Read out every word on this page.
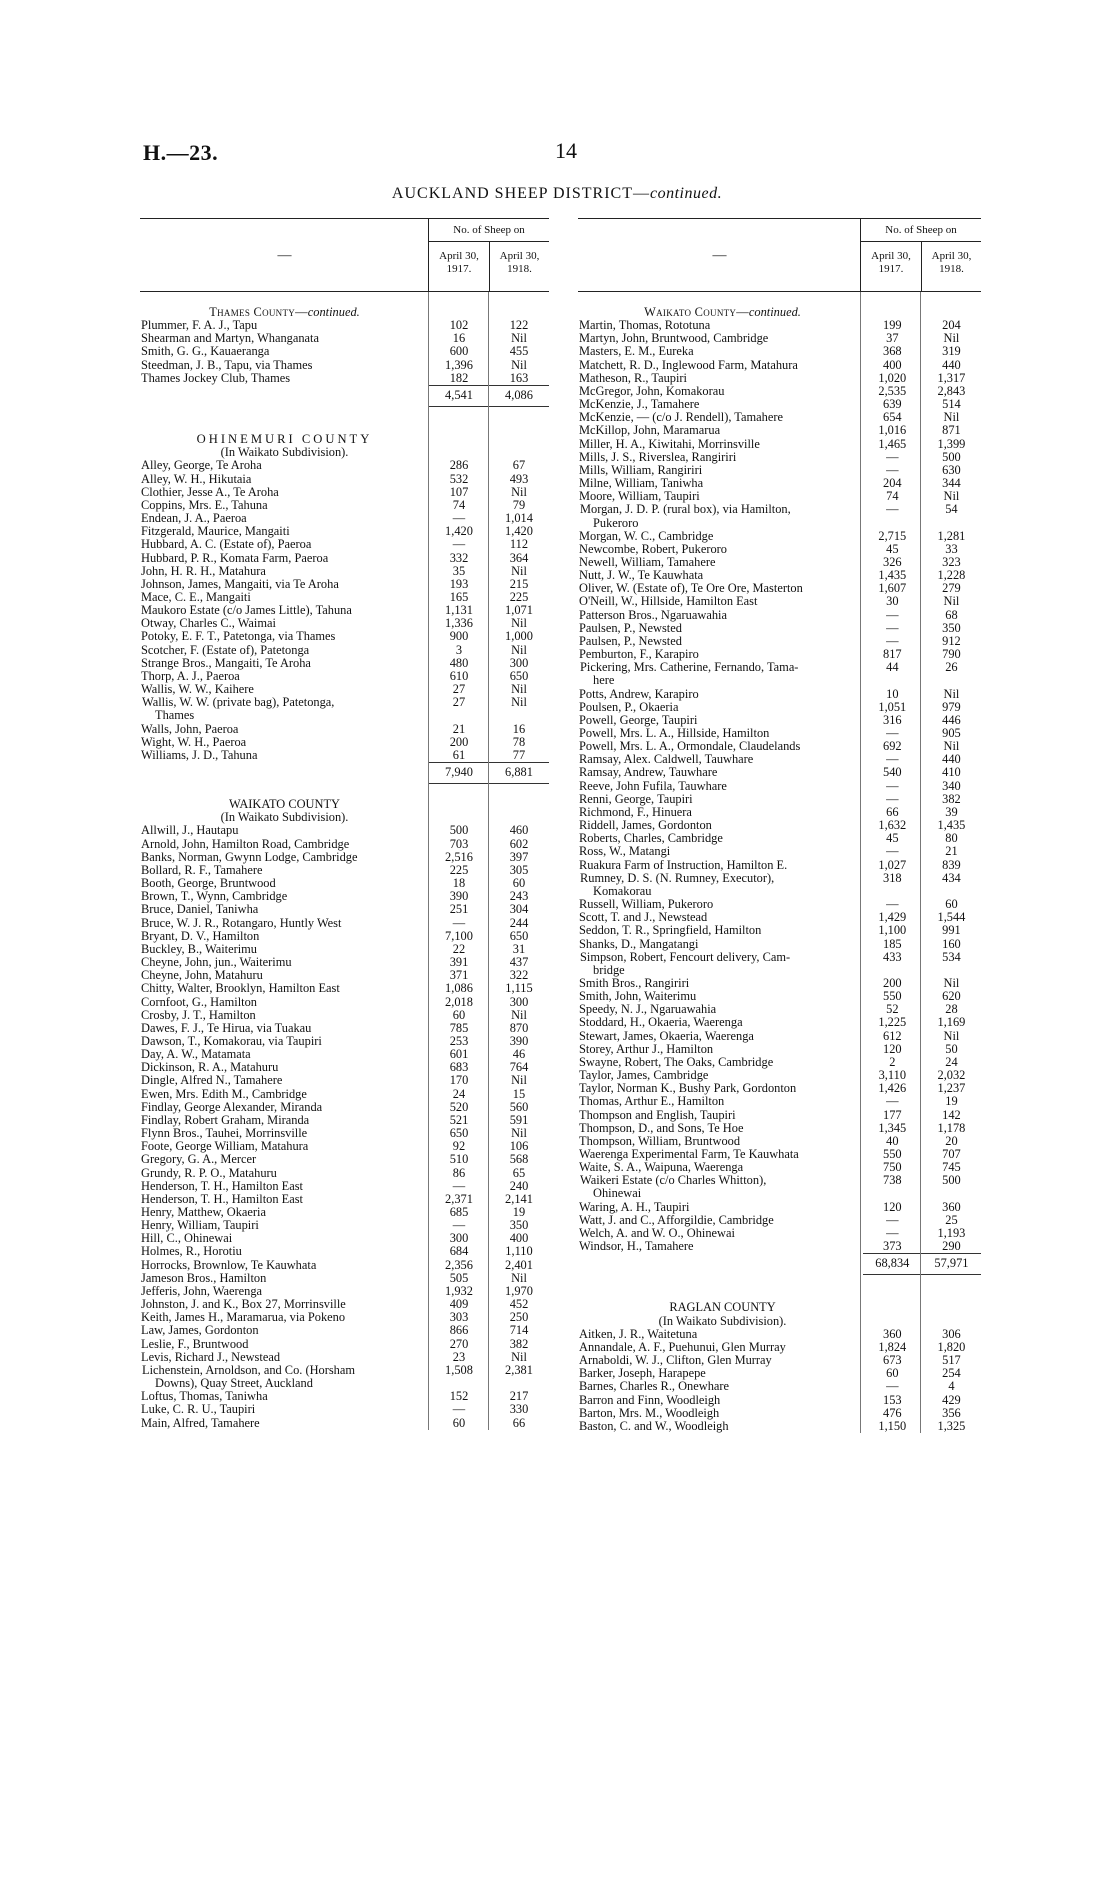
H.—23.	14
AUCKLAND SHEEP DISTRICT—continued.
—
No. of Sheep on
April 30,
1917.
April 30,
1918.
Thames County—continued.
Plummer, F. A. J., Tapu	102	122
Shearman and Martyn, Whanganata	16	Nil
Smith, G. G., Kauaeranga	600	455
Steedman, J. B., Tapu, via Thames	1,396	Nil
Thames Jockey Club, Thames	182	163
4,541	4,086
OHINEMURI COUNTY
(In Waikato Subdivision).
Alley, George, Te Aroha	286	67
Alley, W. H., Hikutaia	532	493
Clothier, Jesse A., Te Aroha	107	Nil
Coppins, Mrs. E., Tahuna	74	79
Endean, J. A., Paeroa	—	1,014
Fitzgerald, Maurice, Mangaiti	1,420	1,420
Hubbard, A. C. (Estate of), Paeroa	—	112
Hubbard, P. R., Komata Farm, Paeroa	332	364
John, H. R. H., Matahura	35	Nil
Johnson, James, Mangaiti, via Te Aroha	193	215
Mace, C. E., Mangaiti	165	225
Maukoro Estate (c/o James Little), Tahuna	1,131	1,071
Otway, Charles C., Waimai	1,336	Nil
Potoky, E. F. T., Patetonga, via Thames	900	1,000
Scotcher, F. (Estate of), Patetonga	3	Nil
Strange Bros., Mangaiti, Te Aroha	480	300
Thorp, A. J., Paeroa	610	650
Wallis, W. W., Kaihere	27	Nil
Wallis, W. W. (private bag), Patetonga,
Thames
27	Nil
Walls, John, Paeroa	21	16
Wight, W. H., Paeroa	200	78
Williams, J. D., Tahuna	61	77
7,940	6,881
WAIKATO COUNTY
(In Waikato Subdivision).
Allwill, J., Hautapu	500	460
Arnold, John, Hamilton Road, Cambridge	703	602
Banks, Norman, Gwynn Lodge, Cambridge	2,516	397
Bollard, R. F., Tamahere	225	305
Booth, George, Bruntwood	18	60
Brown, T., Wynn, Cambridge	390	243
Bruce, Daniel, Taniwha	251	304
Bruce, W. J. R., Rotangaro, Huntly West	—	244
Bryant, D. V., Hamilton	7,100	650
Buckley, B., Waiterimu	22	31
Cheyne, John, jun., Waiterimu	391	437
Cheyne, John, Matahuru	371	322
Chitty, Walter, Brooklyn, Hamilton East	1,086	1,115
Cornfoot, G., Hamilton	2,018	300
Crosby, J. T., Hamilton	60	Nil
Dawes, F. J., Te Hirua, via Tuakau	785	870
Dawson, T., Komakorau, via Taupiri	253	390
Day, A. W., Matamata	601	46
Dickinson, R. A., Matahuru	683	764
Dingle, Alfred N., Tamahere	170	Nil
Ewen, Mrs. Edith M., Cambridge	24	15
Findlay, George Alexander, Miranda	520	560
Findlay, Robert Graham, Miranda	521	591
Flynn Bros., Tauhei, Morrinsville	650	Nil
Foote, George William, Matahura	92	106
Gregory, G. A., Mercer	510	568
Grundy, R. P. O., Matahuru	86	65
Henderson, T. H., Hamilton East	—	240
Henderson, T. H., Hamilton East	2,371	2,141
Henry, Matthew, Okaeria	685	19
Henry, William, Taupiri	—	350
Hill, C., Ohinewai	300	400
Holmes, R., Horotiu	684	1,110
Horrocks, Brownlow, Te Kauwhata	2,356	2,401
Jameson Bros., Hamilton	505	Nil
Jefferis, John, Waerenga	1,932	1,970
Johnston, J. and K., Box 27, Morrinsville	409	452
Keith, James H., Maramarua, via Pokeno	303	250
Law, James, Gordonton	866	714
Leslie, F., Bruntwood	270	382
Levis, Richard J., Newstead	23	Nil
Lichenstein, Arnoldson, and Co. (Horsham
Downs), Quay Street, Auckland
1,508	2,381
Loftus, Thomas, Taniwha	152	217
Luke, C. R. U., Taupiri	—	330
Main, Alfred, Tamahere	60	66
—
No. of Sheep on
April 30,
1917.
April 30,
1918.
Waikato County—continued.
Martin, Thomas, Rototuna	199	204
Martyn, John, Bruntwood, Cambridge	37	Nil
Masters, E. M., Eureka	368	319
Matchett, R. D., Inglewood Farm, Matahura	400	440
Matheson, R., Taupiri	1,020	1,317
McGregor, John, Komakorau	2,535	2,843
McKenzie, J., Tamahere	639	514
McKenzie, — (c/o J. Rendell), Tamahere	654	Nil
McKillop, John, Maramarua	1,016	871
Miller, H. A., Kiwitahi, Morrinsville	1,465	1,399
Mills, J. S., Riverslea, Rangiriri	—	500
Mills, William, Rangiriri	—	630
Milne, William, Taniwha	204	344
Moore, William, Taupiri	74	Nil
Morgan, J. D. P. (rural box), via Hamilton,
Pukeroro
—	54
Morgan, W. C., Cambridge	2,715	1,281
Newcombe, Robert, Pukeroro	45	33
Newell, William, Tamahere	326	323
Nutt, J. W., Te Kauwhata	1,435	1,228
Oliver, W. (Estate of), Te Ore Ore, Masterton	1,607	279
O'Neill, W., Hillside, Hamilton East	30	Nil
Patterson Bros., Ngaruawahia	—	68
Paulsen, P., Newsted	—	350
Paulsen, P., Newsted	—	912
Pemburton, F., Karapiro	817	790
Pickering, Mrs. Catherine, Fernando, Tama-
here
44	26
Potts, Andrew, Karapiro	10	Nil
Poulsen, P., Okaeria	1,051	979
Powell, George, Taupiri	316	446
Powell, Mrs. L. A., Hillside, Hamilton	—	905
Powell, Mrs. L. A., Ormondale, Claudelands	692	Nil
Ramsay, Alex. Caldwell, Tauwhare	—	440
Ramsay, Andrew, Tauwhare	540	410
Reeve, John Fufila, Tauwhare	—	340
Renni, George, Taupiri	—	382
Richmond, F., Hinuera	66	39
Riddell, James, Gordonton	1,632	1,435
Roberts, Charles, Cambridge	45	80
Ross, W., Matangi	—	21
Ruakura Farm of Instruction, Hamilton E.	1,027	839
Rumney, D. S. (N. Rumney, Executor),
Komakorau
318	434
Russell, William, Pukeroro	—	60
Scott, T. and J., Newstead	1,429	1,544
Seddon, T. R., Springfield, Hamilton	1,100	991
Shanks, D., Mangatangi	185	160
Simpson, Robert, Fencourt delivery, Cam-
bridge
433	534
Smith Bros., Rangiriri	200	Nil
Smith, John, Waiterimu	550	620
Speedy, N. J., Ngaruawahia	52	28
Stoddard, H., Okaeria, Waerenga	1,225	1,169
Stewart, James, Okaeria, Waerenga	612	Nil
Storey, Arthur J., Hamilton	120	50
Swayne, Robert, The Oaks, Cambridge	2	24
Taylor, James, Cambridge	3,110	2,032
Taylor, Norman K., Bushy Park, Gordonton	1,426	1,237
Thomas, Arthur E., Hamilton	—	19
Thompson and English, Taupiri	177	142
Thompson, D., and Sons, Te Hoe	1,345	1,178
Thompson, William, Bruntwood	40	20
Waerenga Experimental Farm, Te Kauwhata	550	707
Waite, S. A., Waipuna, Waerenga	750	745
Waikeri Estate (c/o Charles Whitton),
Ohinewai
738	500
Waring, A. H., Taupiri	120	360
Watt, J. and C., Afforgildie, Cambridge	—	25
Welch, A. and W. O., Ohinewai	—	1,193
Windsor, H., Tamahere	373	290
68,834	57,971
RAGLAN COUNTY
(In Waikato Subdivision).
Aitken, J. R., Waitetuna	360	306
Annandale, A. F., Puehunui, Glen Murray	1,824	1,820
Arnaboldi, W. J., Clifton, Glen Murray	673	517
Barker, Joseph, Harapepe	60	254
Barnes, Charles R., Onewhare	—	4
Barron and Finn, Woodleigh	153	429
Barton, Mrs. M., Woodleigh	476	356
Baston, C. and W., Woodleigh	1,150	1,325
